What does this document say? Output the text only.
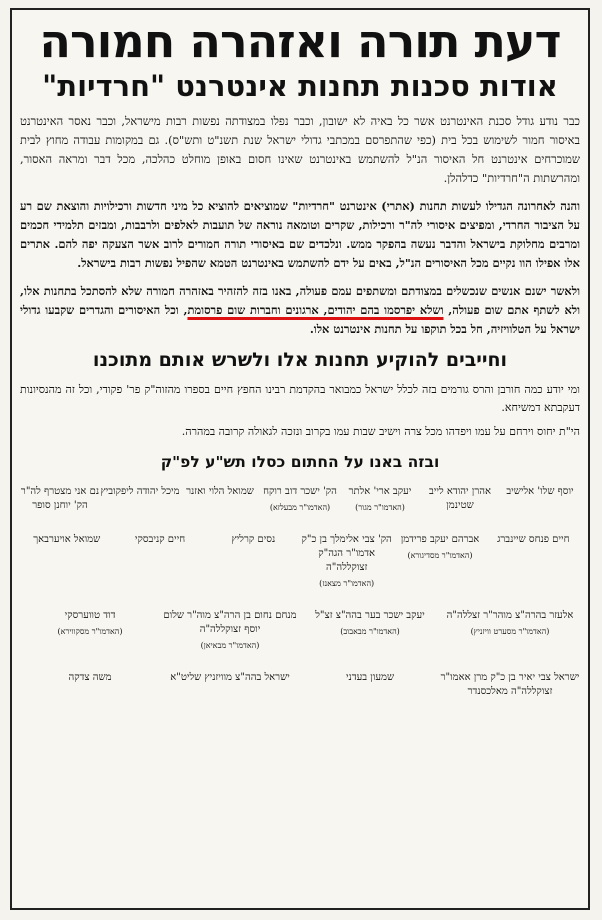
דעת תורה ואזהרה חמורה
אודות סכנות תחנות אינטרנט "חרדיות"

כבר נודע גודל סכנת האינטרנט אשר כל באיה לא ישובון, וכבר נפלו במצודתה נפשות רבות מישראל, וכבר נאסר האינטרנט באיסור חמור לשימוש בכל בית (כפי שהתפרסם במכתבי גדולי ישראל שנת תשנ"ט ותש"ס). גם במקומות עבודה מחוץ לבית שמוכרחים אינטרנט חל האיסור הנ"ל להשתמש באינטרנט שאינו חסום באופן מוחלט כהלכה, מכל דבר ומראה האסור, ומהרשתות ה"חרדיות" כדלהלן.

והנה לאחרונה הגדילו לעשות תחנות (אתרי) אינטרנט "חרדיות" שמוציאים להוציא כל מיני חדשות ורכילויות והוצאת שם רע על הציבור החרדי, ומפיצים איסורי לה"ר ורכילות, שקרים וטומאה נוראה של תועבות לאלפים ולרבבות, ומבזים תלמידי חכמים ומרבים מחלוקת בישראל והדבר נעשה בהפקר ממש. ונלכדים שם באיסורי תורה חמורים לרוב אשר הצעקה יפה להם. אתרים אלו אפילו הוו נקיים מכל האיסורים הנ"ל, באים על ידם להשתמש באינטרנט הטמא שהפיל נפשות רבות בישראל.

ולאשר ישנם אנשים שנכשלים במצודתם ומשתפים עמם פעולה, באנו בזה להזהיר באזהרה חמורה שלא להסתכל בתחנות אלו, ולא לשתף אתם שום פעולה, ושלא יפרסמו בהם יהודים, ארגונים וחברות שום פרסומת, וכל האיסורים והגדרים שקבעו גדולי ישראל על הטלוויזיה, חל בכל תוקפו על תחנות אינטרנט אלו.

וחייבים להוקיע תחנות אלו ולשרש אותם מתוכנו

ומי יודע כמה חורבן והרס גורמים בזה לכלל ישראל כמבואר בהקדמת רבינו החפץ חיים בספרו מהזוה"ק פר' פקודי, וכל זה מהנסיונות דעקבתא דמשיחא.

הי"ת יחוס וירחם על עמו ויפדהו מכל צרה וישיב שבות עמו בקרוב ונזכה לגאולה קרובה במהרה.

ובזה באנו על החתום כסלו תש"ע לפ"ק
יוסף שלו' אלישיב
אהרן יהודא לייב שטינמן
יעקב ארי' אלתר
(האדמו"ר מגור)
הק' ישכר דוב רוקח
(האדמו"ר מבעלזא)
שמואל הלוי ואזנר
מיכל יהודה ליפקוביץ
נם אני מצטרף לה"ר הק' יוחנן סופר
חיים פנחס שיינברג
אברהם יעקב פרידמן
(האדמו"ר מסדיגורא)
הק' צבי אלימלך בן כ"ק אדמו"ר הגה"ק זצוקללה"ה
(האדמו"ר מצאנז)
נסים קרליץ
חיים קניבסקי
שמואל אויערבאך
אלעזר בהרה"צ מוהר"ר זצללה"ה
(האדמו"ר מסערט וויזניץ)
יעקב ישכר בער בהה"צ זצ"ל
(האדמו"ר מבאבוב)
מנחם נחום בן הרה"צ מוה"ר שלום יוסף זצוקללה"ה
(האדמו"ר מבאיאן)
דוד טווערסקי
(האדמו"ר מסקווירא)
ישראל צבי יאיר בן כ"ק מרן אאמו"ר זצוקללה"ה מאלכסנדר
שמעון בעדני
ישראל בהה"צ מוויזניץ שליט"א
משה צדקה
